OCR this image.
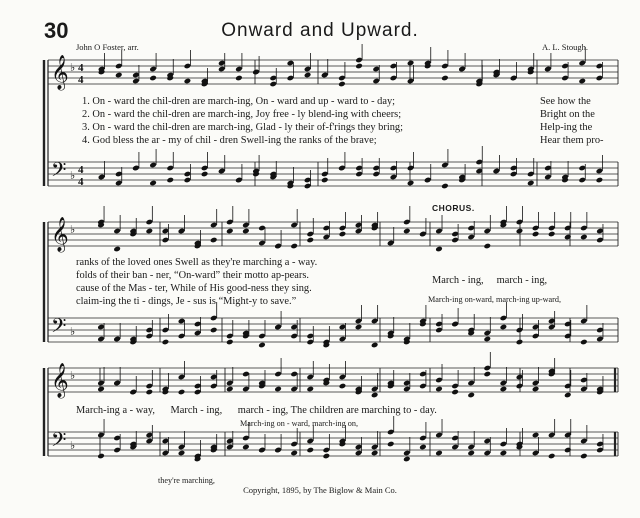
30	Onward and Upward.
John O Foster, arr.	A. L. Stough.
𝄞
𝄢
♭
♭
4
4
4
4
𝄞
𝄢
♭
♭
𝄞
𝄢
♭
♭
1. On - ward the chil-dren are march-ing, On - ward and up - ward to - day;	See how the
2. On - ward the chil-dren are march-ing, Joy free - ly blend-ing with cheers;	Bright on the
3. On - ward the chil-dren are march-ing, Glad - ly their of-f'rings they bring;	Help-ing the
4. God bless the ar - my of chil - dren Swell-ing the ranks of the brave;	Hear them pro-
CHORUS.
ranks of the loved ones Swell as they're marching a - way.
folds of their ban - ner, “On-ward” their motto ap-pears.
cause of the Mas - ter, While of His good-ness they sing.
claim-ing the ti - dings, Je - sus is “Might-y to save.”
March - ing,     march - ing,
March-ing on-ward, march-ing up-ward,
March-ing a - way,      March - ing,      march - ing, The children are marching to - day.
March-ing on - ward, march-ing on,
they're marching,
Copyright, 1895, by The Biglow & Main Co.
